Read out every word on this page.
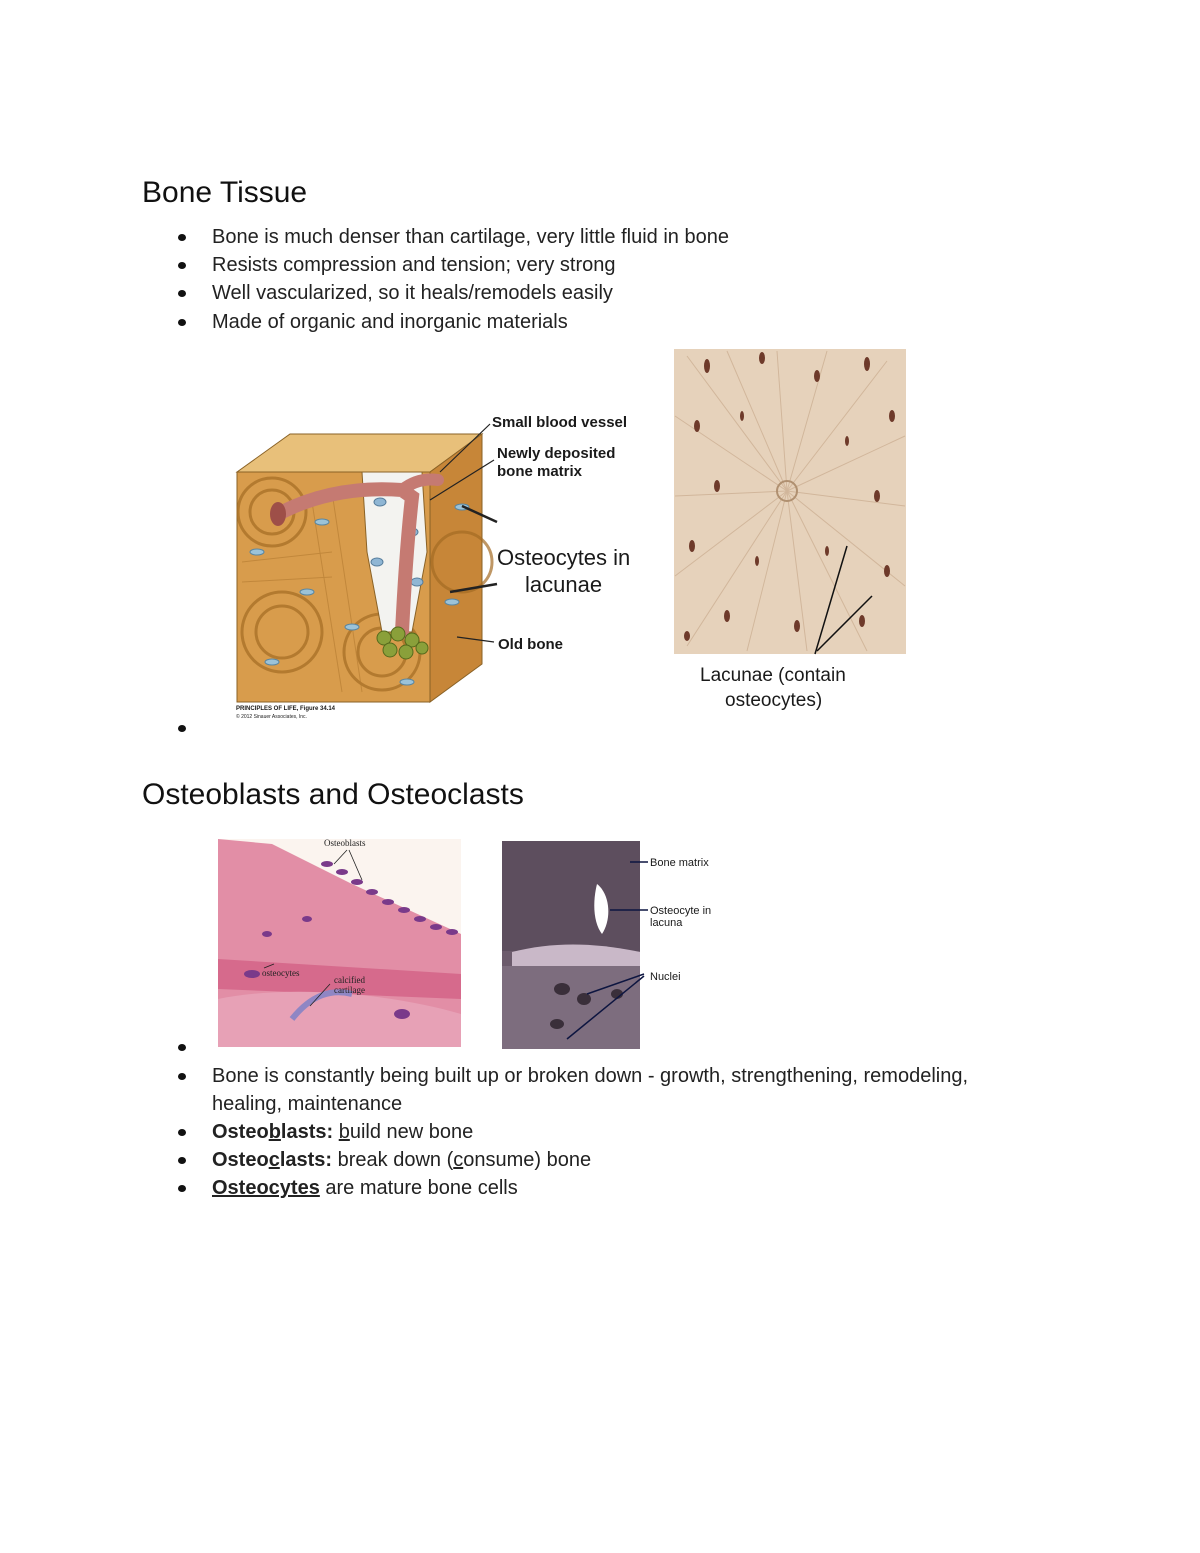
Bone Tissue
Bone is much denser than cartilage, very little fluid in bone
Resists compression and tension; very strong
Well vascularized, so it heals/remodels easily
Made of organic and inorganic materials
Small blood vessel
Newly deposited
bone matrix
Osteocytes in
lacunae
Old bone
PRINCIPLES OF LIFE, Figure 34.14
© 2012 Sinauer Associates, Inc.
Lacunae (contain
osteocytes)
Osteoblasts and Osteoclasts
Osteoblasts
osteocytes
calcified
cartilage
Bone matrix
Osteocyte in
lacuna
Nuclei
Bone is constantly being built up or broken down - growth, strengthening, remodeling,
healing, maintenance
Osteoblasts: build new bone
Osteoclasts: break down (consume) bone
Osteocytes are mature bone cells
